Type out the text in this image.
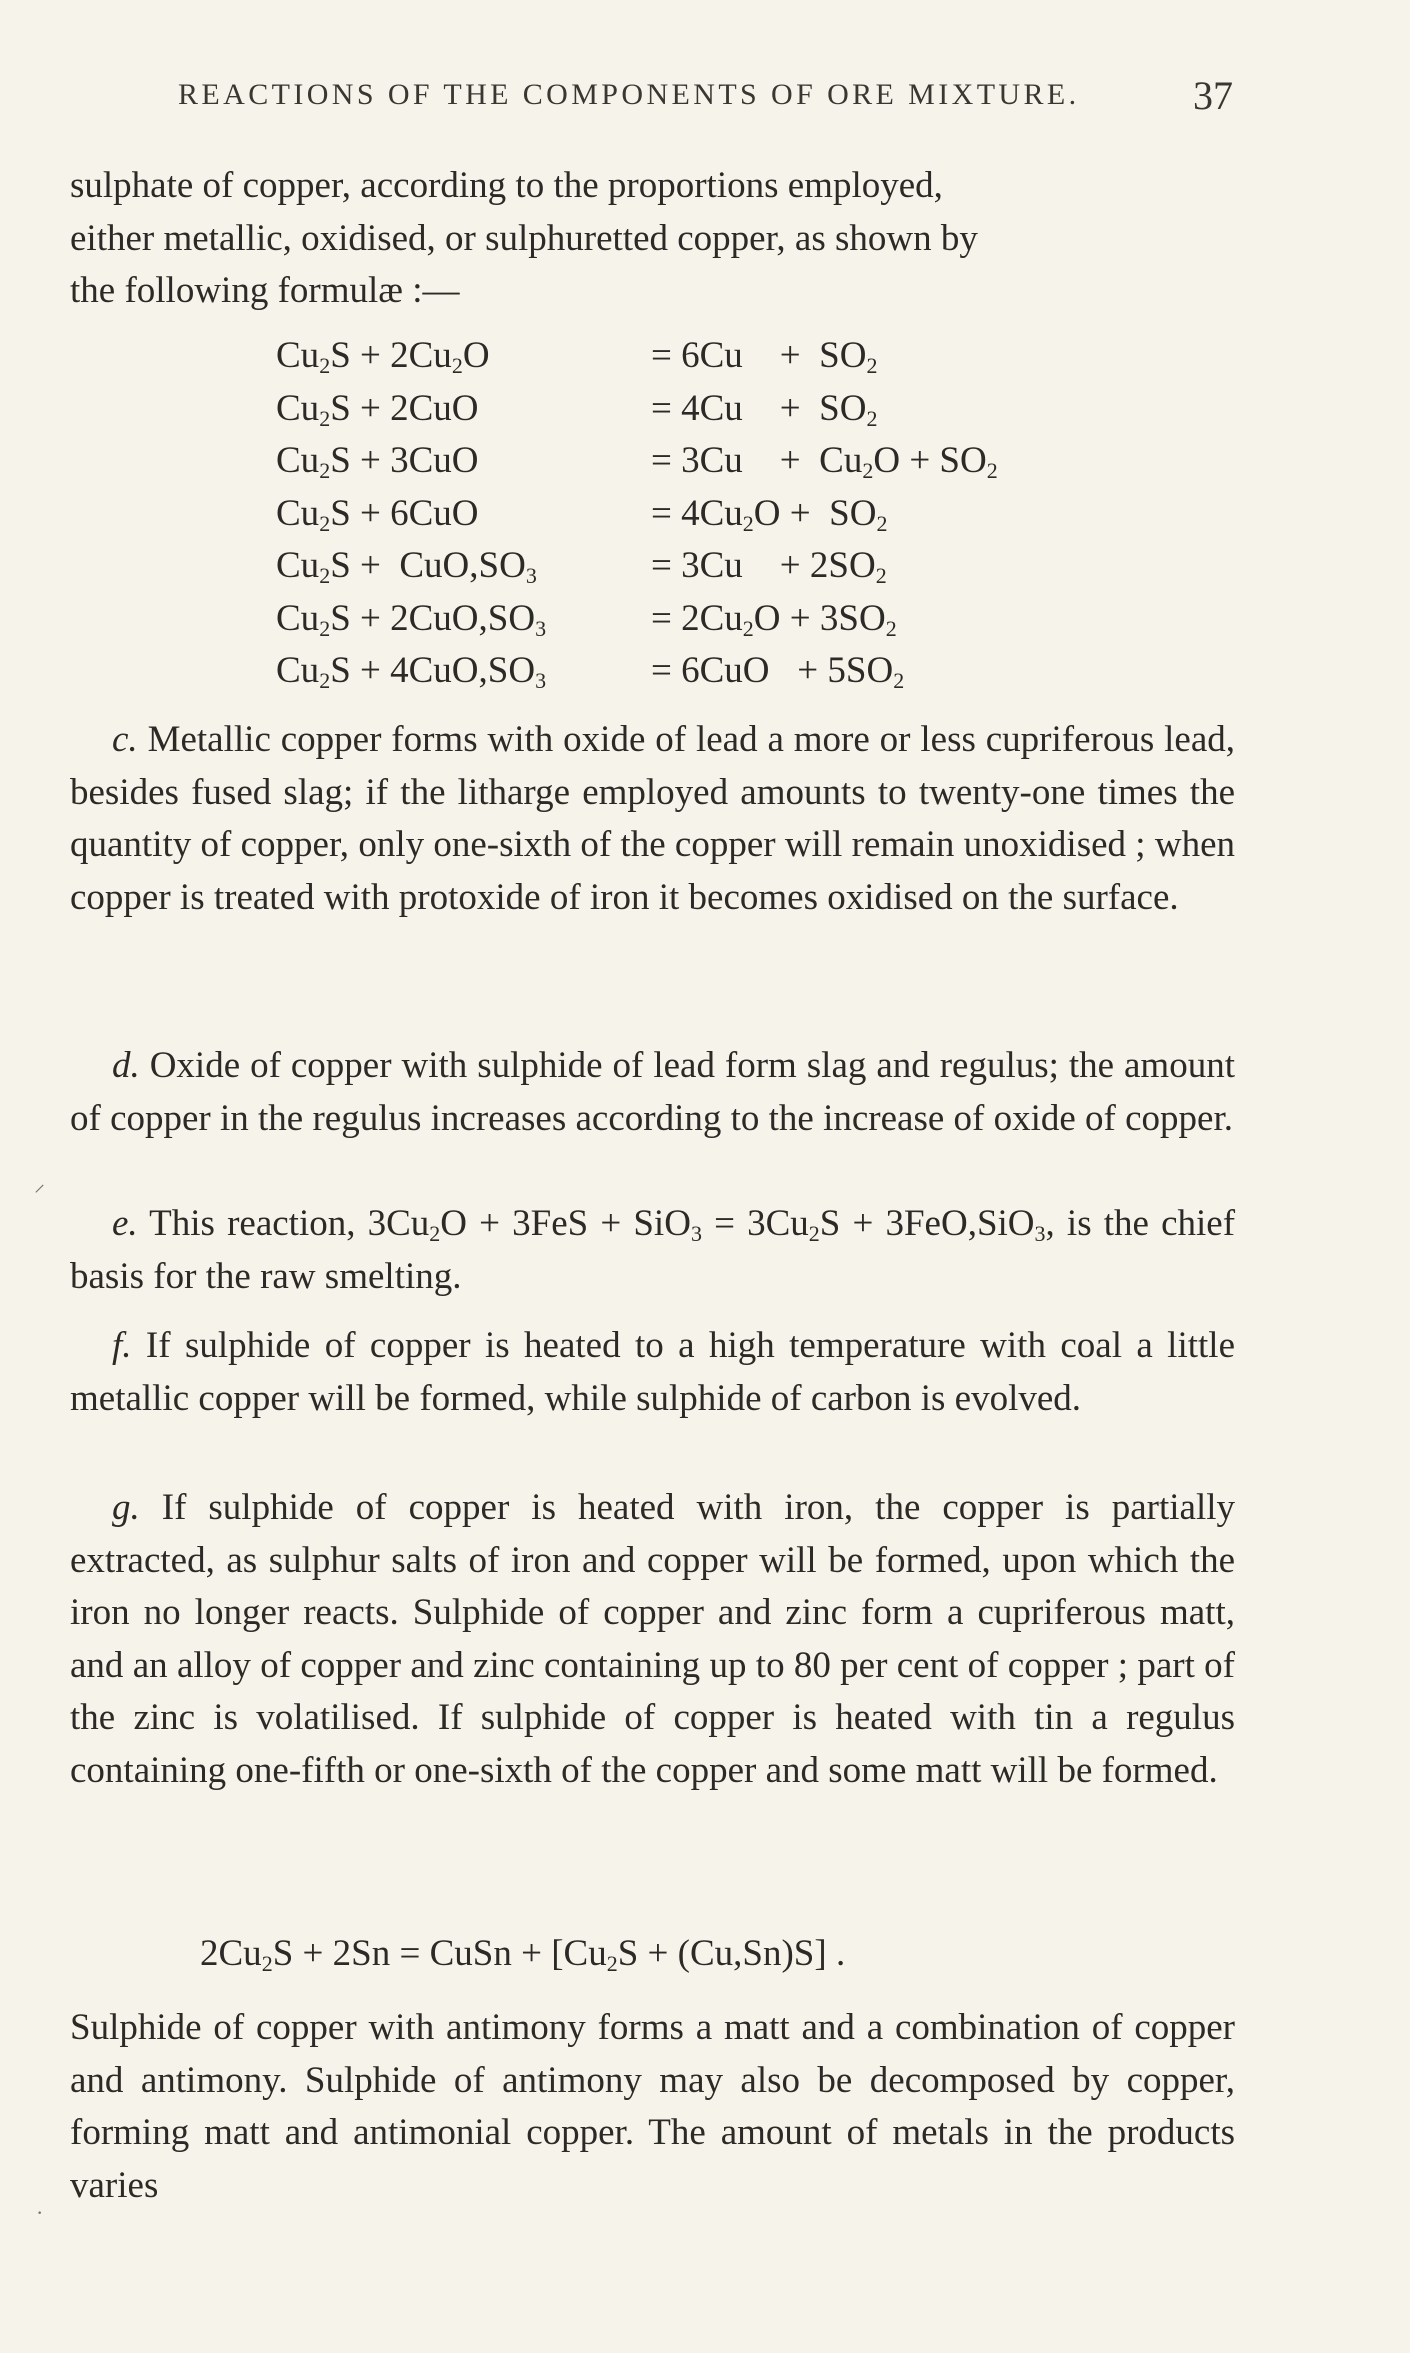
REACTIONS OF THE COMPONENTS OF ORE MIXTURE.	37
sulphate of copper, according to the proportions employed,
either metallic, oxidised, or sulphuretted copper, as shown by
the following formulæ :—
$Cu_2S + 2Cu_2O$	= 6Cu    +  $SO_2$
$Cu_2S + 2CuO$	= 4Cu    +  $SO_2$
$Cu_2S + 3CuO$	= 3Cu    +  $Cu_2O + SO_2$
$Cu_2S + 6CuO$	= $4Cu_2O + SO_2$
$Cu_2S + CuO,SO_3$	= 3Cu    + $2SO_2$
$Cu_2S + 2CuO,SO_3$	= $2Cu_2O + 3SO_2$
$Cu_2S + 4CuO,SO_3$	= $6CuO + 5SO_2$

c. Metallic copper forms with oxide of lead a more or less cupriferous lead, besides fused slag; if the litharge employed amounts to twenty-one times the quantity of copper, only one-sixth of the copper will remain unoxidised ; when copper is treated with protoxide of iron it becomes oxidised on the surface.

d. Oxide of copper with sulphide of lead form slag and regulus; the amount of copper in the regulus increases according to the increase of oxide of copper.

e. This reaction, $3Cu_2O + 3FeS + SiO_3 = 3Cu_2S + 3FeO,SiO_3$, is the chief basis for the raw smelting.

f. If sulphide of copper is heated to a high temperature with coal a little metallic copper will be formed, while sulphide of carbon is evolved.

g. If sulphide of copper is heated with iron, the copper is partially extracted, as sulphur salts of iron and copper will be formed, upon which the iron no longer reacts. Sulphide of copper and zinc form a cupriferous matt, and an alloy of copper and zinc containing up to 80 per cent of copper ; part of the zinc is volatilised. If sulphide of copper is heated with tin a regulus containing one-fifth or one-sixth of the copper and some matt will be formed.

$2Cu_2S + 2Sn$ = CuSn + $[Cu_2S + (Cu,Sn)S]$ .

Sulphide of copper with antimony forms a matt and a combination of copper and antimony. Sulphide of antimony may also be decomposed by copper, forming matt and antimonial copper. The amount of metals in the products varies

⸝
·
